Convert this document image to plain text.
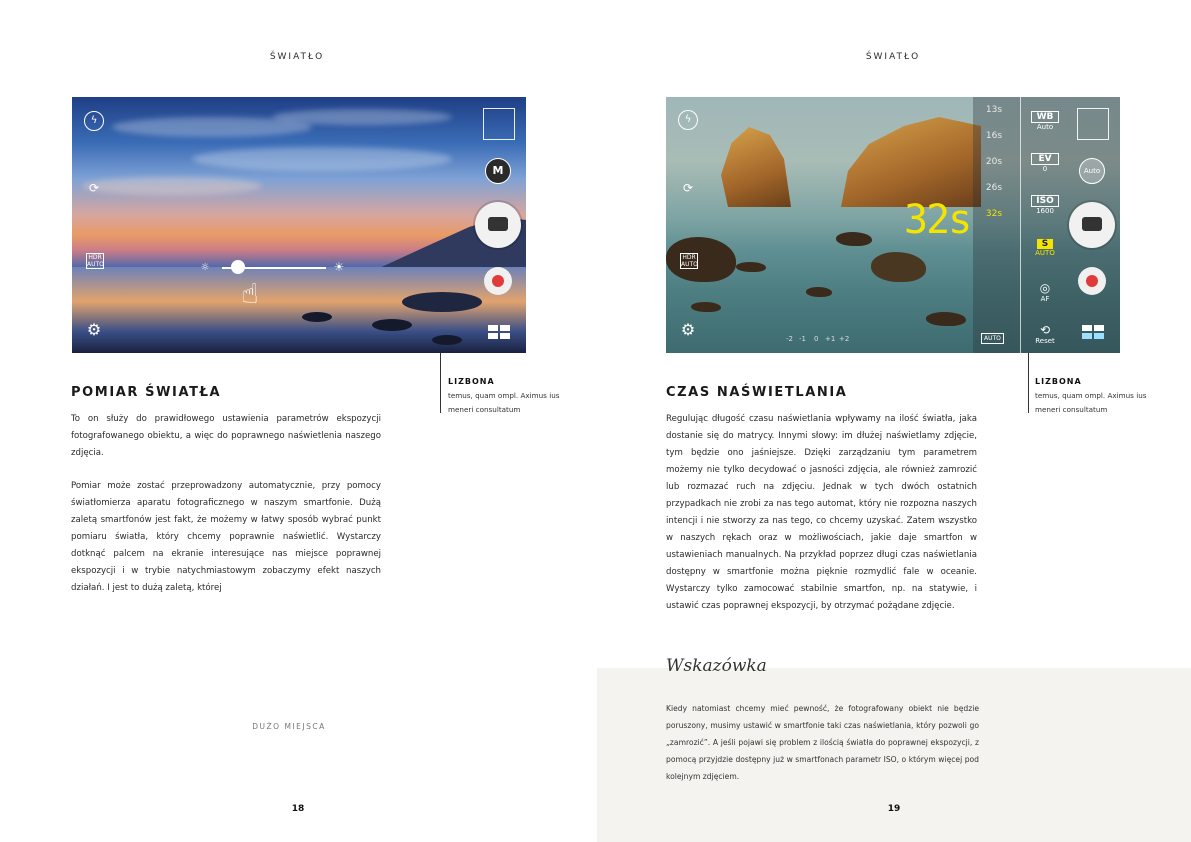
ŚWIATŁO
ϟ
⟳
HDR
AUTO
⚙
M
☼	☀
☝
LIZBONA
temus, quam ompl. Aximus ius meneri consultatum
POMIAR ŚWIATŁA

To on służy do prawidłowego ustawienia parametrów ekspozycji fotografowanego obiektu, a więc do poprawnego naświetlenia naszego zdjęcia.

Pomiar może zostać przeprowadzony automatycznie, przy pomocy światłomierza aparatu fotograficznego w naszym smartfonie. Dużą zaletą smartfonów jest fakt, że możemy w łatwy sposób wybrać punkt pomiaru światła, który chcemy poprawnie naświetlić. Wystarczy dotknąć palcem na ekranie interesujące nas miejsce poprawnej ekspozycji i w trybie natychmiastowym zobaczymy efekt naszych działań. I jest to dużą zaletą, której

DUŻO MIEJSCA
18
ŚWIATŁO
ϟ
⟳
HDR
AUTO
⚙
32s
13s
16s
20s
26s
32s
WB
Auto
EV
0
ISO
1600
S
AUTO
◎
AF
⟲
Reset
Auto
AUTO
-2 -1 0 +1 +2
LIZBONA
temus, quam ompl. Aximus ius meneri consultatum
CZAS NAŚWIETLANIA

Regulując długość czasu naświetlania wpływamy na ilość światła, jaka dostanie się do matrycy. Innymi słowy: im dłużej naświetlamy zdjęcie, tym będzie ono jaśniejsze. Dzięki zarządzaniu tym parametrem możemy nie tylko decydować o jasności zdjęcia, ale również zamrozić lub rozmazać ruch na zdjęciu. Jednak w tych dwóch ostatnich przypadkach nie zrobi za nas tego automat, który nie rozpozna naszych intencji i nie stworzy za nas tego, co chcemy uzyskać. Zatem wszystko w naszych rękach oraz w możliwościach, jakie daje smartfon w ustawieniach manualnych. Na przykład poprzez długi czas naświetlania dostępny w smartfonie można pięknie rozmydlić fale w oceanie. Wystarczy tylko zamocować stabilnie smartfon, np. na statywie, i ustawić czas poprawnej ekspozycji, by otrzymać pożądane zdjęcie.

Wskazówka
Kiedy natomiast chcemy mieć pewność, że fotografowany obiekt nie będzie poruszony, musimy ustawić w smartfonie taki czas naświetlania, który pozwoli go „zamrozić”. A jeśli pojawi się problem z ilością światła do poprawnej ekspozycji, z pomocą przyjdzie dostępny już w smartfonach parametr ISO, o którym więcej pod kolejnym zdjęciem.
19
